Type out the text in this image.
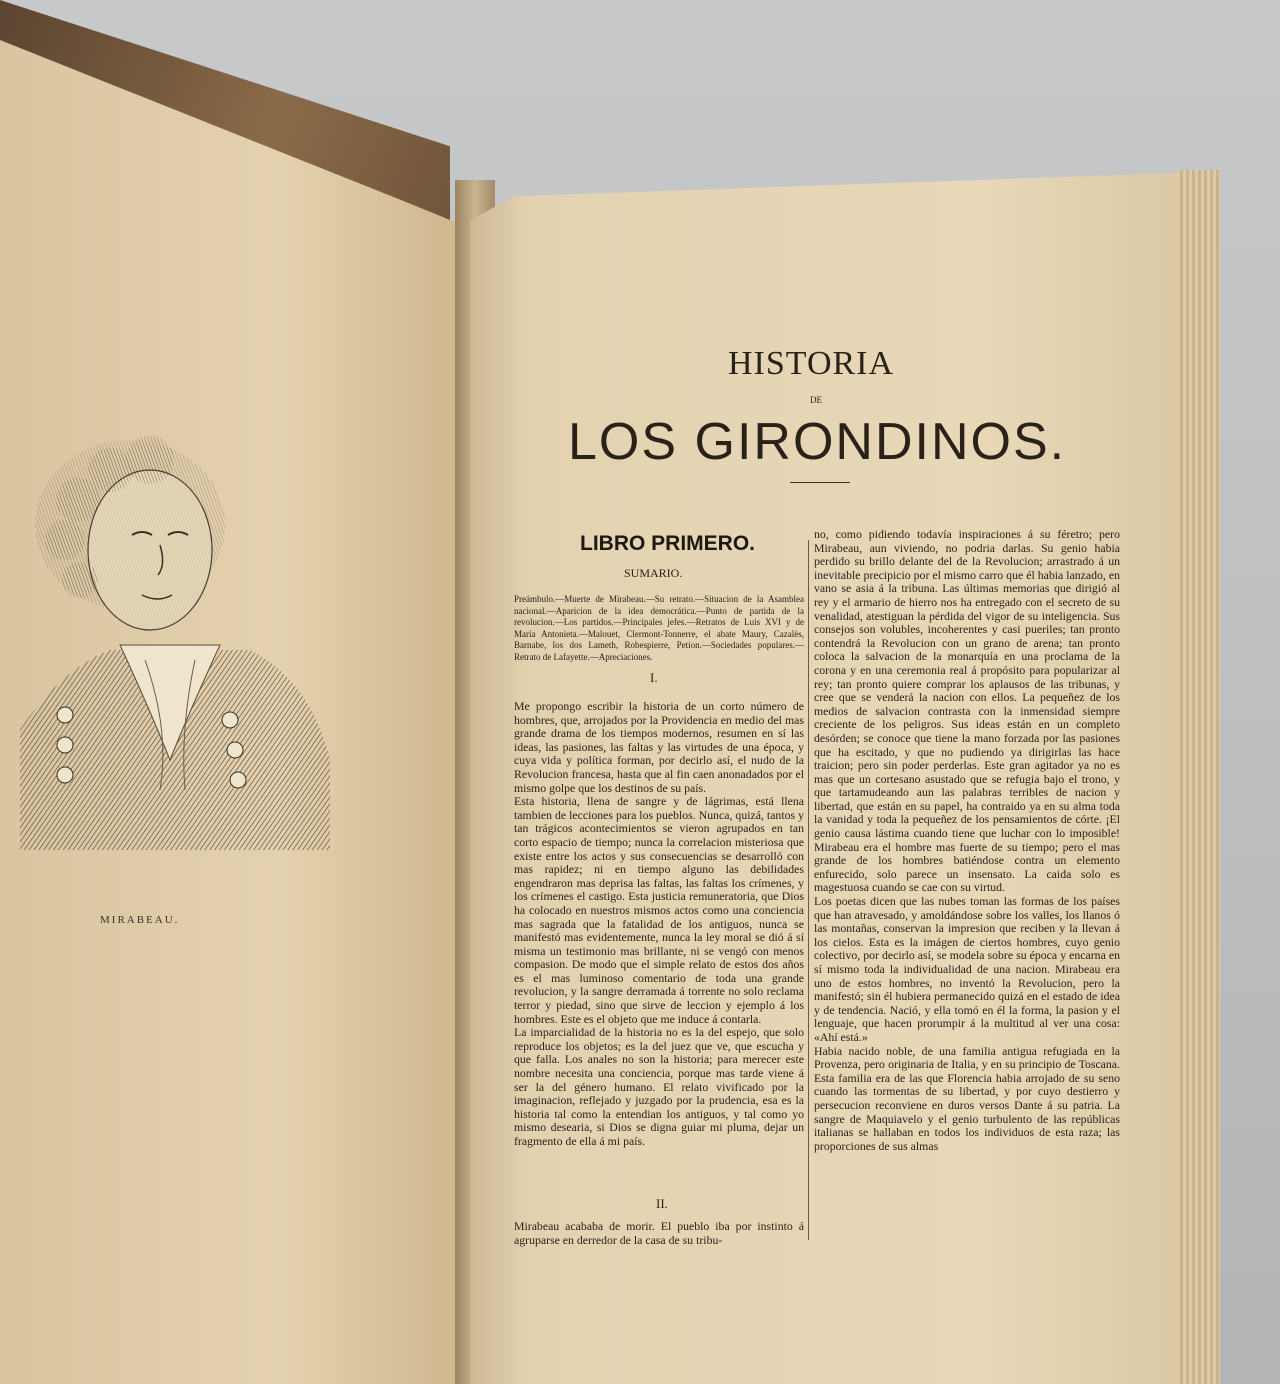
MIRABEAU.
HISTORIA
DE
LOS GIRONDINOS.
LIBRO PRIMERO.
SUMARIO.
Preámbulo.—Muerte de Mirabeau.—Su retrato.—Situacion de la Asamblea nacional.—Aparicion de la idea democrática.—Punto de partida de la revolucion.—Los partidos.—Principales jefes.—Retratos de Luis XVI y de María Antonieta.—Malouet, Clermont-Tonnerre, el abate Maury, Cazalès, Barnabe, los dos Lameth, Robespierre, Petion.—Sociedades populares.—Retrato de Lafayette.—Apreciaciones.
I.

Me propongo escribir la historia de un corto número de hombres, que, arrojados por la Providencia en medio del mas grande drama de los tiempos modernos, resumen en sí las ideas, las pasiones, las faltas y las virtudes de una época, y cuya vida y política forman, por decirlo así, el nudo de la Revolucion francesa, hasta que al fin caen anonadados por el mismo golpe que los destinos de su país.

Esta historia, llena de sangre y de lágrimas, está llena tambien de lecciones para los pueblos. Nunca, quizá, tantos y tan trágicos acontecimientos se vieron agrupados en tan corto espacio de tiempo; nunca la correlacion misteriosa que existe entre los actos y sus consecuencias se desarrolló con mas rapidez; ni en tiempo alguno las debilidades engendraron mas deprisa las faltas, las faltas los crímenes, y los crímenes el castigo. Esta justicia remuneratoria, que Dios ha colocado en nuestros mismos actos como una conciencia mas sagrada que la fatalidad de los antiguos, nunca se manifestó mas evidentemente, nunca la ley moral se dió á sí misma un testimonio mas brillante, ni se vengó con menos compasion. De modo que el simple relato de estos dos años es el mas luminoso comentario de toda una grande revolucion, y la sangre derramada á torrente no solo reclama terror y piedad, sino que sirve de leccion y ejemplo á los hombres. Este es el objeto que me induce á contarla.

La imparcialidad de la historia no es la del espejo, que solo reproduce los objetos; es la del juez que ve, que escucha y que falla. Los anales no son la historia; para merecer este nombre necesita una conciencia, porque mas tarde viene á ser la del género humano. El relato vivificado por la imaginacion, reflejado y juzgado por la prudencia, esa es la historia tal como la entendian los antiguos, y tal como yo mismo desearia, si Dios se digna guiar mi pluma, dejar un fragmento de ella á mi país.

II.
Mirabeau acababa de morir. El pueblo iba por instinto á agruparse en derredor de la casa de su tribu-

no, como pidiendo todavía inspiraciones á su féretro; pero Mirabeau, aun viviendo, no podria darlas. Su genio habia perdido su brillo delante del de la Revolucion; arrastrado á un inevitable precipicio por el mismo carro que él habia lanzado, en vano se asia á la tribuna. Las últimas memorias que dirigió al rey y el armario de hierro nos ha entregado con el secreto de su venalidad, atestiguan la pérdida del vigor de su inteligencia. Sus consejos son volubles, incoherentes y casi pueriles; tan pronto contendrá la Revolucion con un grano de arena; tan pronto coloca la salvacion de la monarquía en una proclama de la corona y en una ceremonia real á propósito para popularizar al rey; tan pronto quiere comprar los aplausos de las tribunas, y cree que se venderá la nacion con ellos. La pequeñez de los medios de salvacion contrasta con la inmensidad siempre creciente de los peligros. Sus ideas están en un completo desórden; se conoce que tiene la mano forzada por las pasiones que ha escitado, y que no pudiendo ya dirigirlas las hace traicion; pero sin poder perderlas. Este gran agitador ya no es mas que un cortesano asustado que se refugia bajo el trono, y que tartamudeando aun las palabras terribles de nacion y libertad, que están en su papel, ha contraido ya en su alma toda la vanidad y toda la pequeñez de los pensamientos de córte. ¡El genio causa lástima cuando tiene que luchar con lo imposible! Mirabeau era el hombre mas fuerte de su tiempo; pero el mas grande de los hombres batiéndose contra un elemento enfurecido, solo parece un insensato. La caida solo es magestuosa cuando se cae con su virtud.

Los poetas dicen que las nubes toman las formas de los países que han atravesado, y amoldándose sobre los valles, los llanos ó las montañas, conservan la impresion que reciben y la llevan á los cielos. Esta es la imágen de ciertos hombres, cuyo genio colectivo, por decirlo así, se modela sobre su época y encarna en sí mismo toda la individualidad de una nacion. Mirabeau era uno de estos hombres, no inventó la Revolucion, pero la manifestó; sin él hubiera permanecido quizá en el estado de idea y de tendencia. Nació, y ella tomó en él la forma, la pasion y el lenguaje, que hacen prorumpir á la multitud al ver una cosa: «Ahí está.»

Habia nacido noble, de una familia antigua refugiada en la Provenza, pero originaria de Italia, y en su principio de Toscana. Esta familia era de las que Florencia habia arrojado de su seno cuando las tormentas de su libertad, y por cuyo destierro y persecucion reconviene en duros versos Dante á su patria. La sangre de Maquiavelo y el genio turbulento de las repúblicas italianas se hallaban en todos los individuos de esta raza; las proporciones de sus almas
